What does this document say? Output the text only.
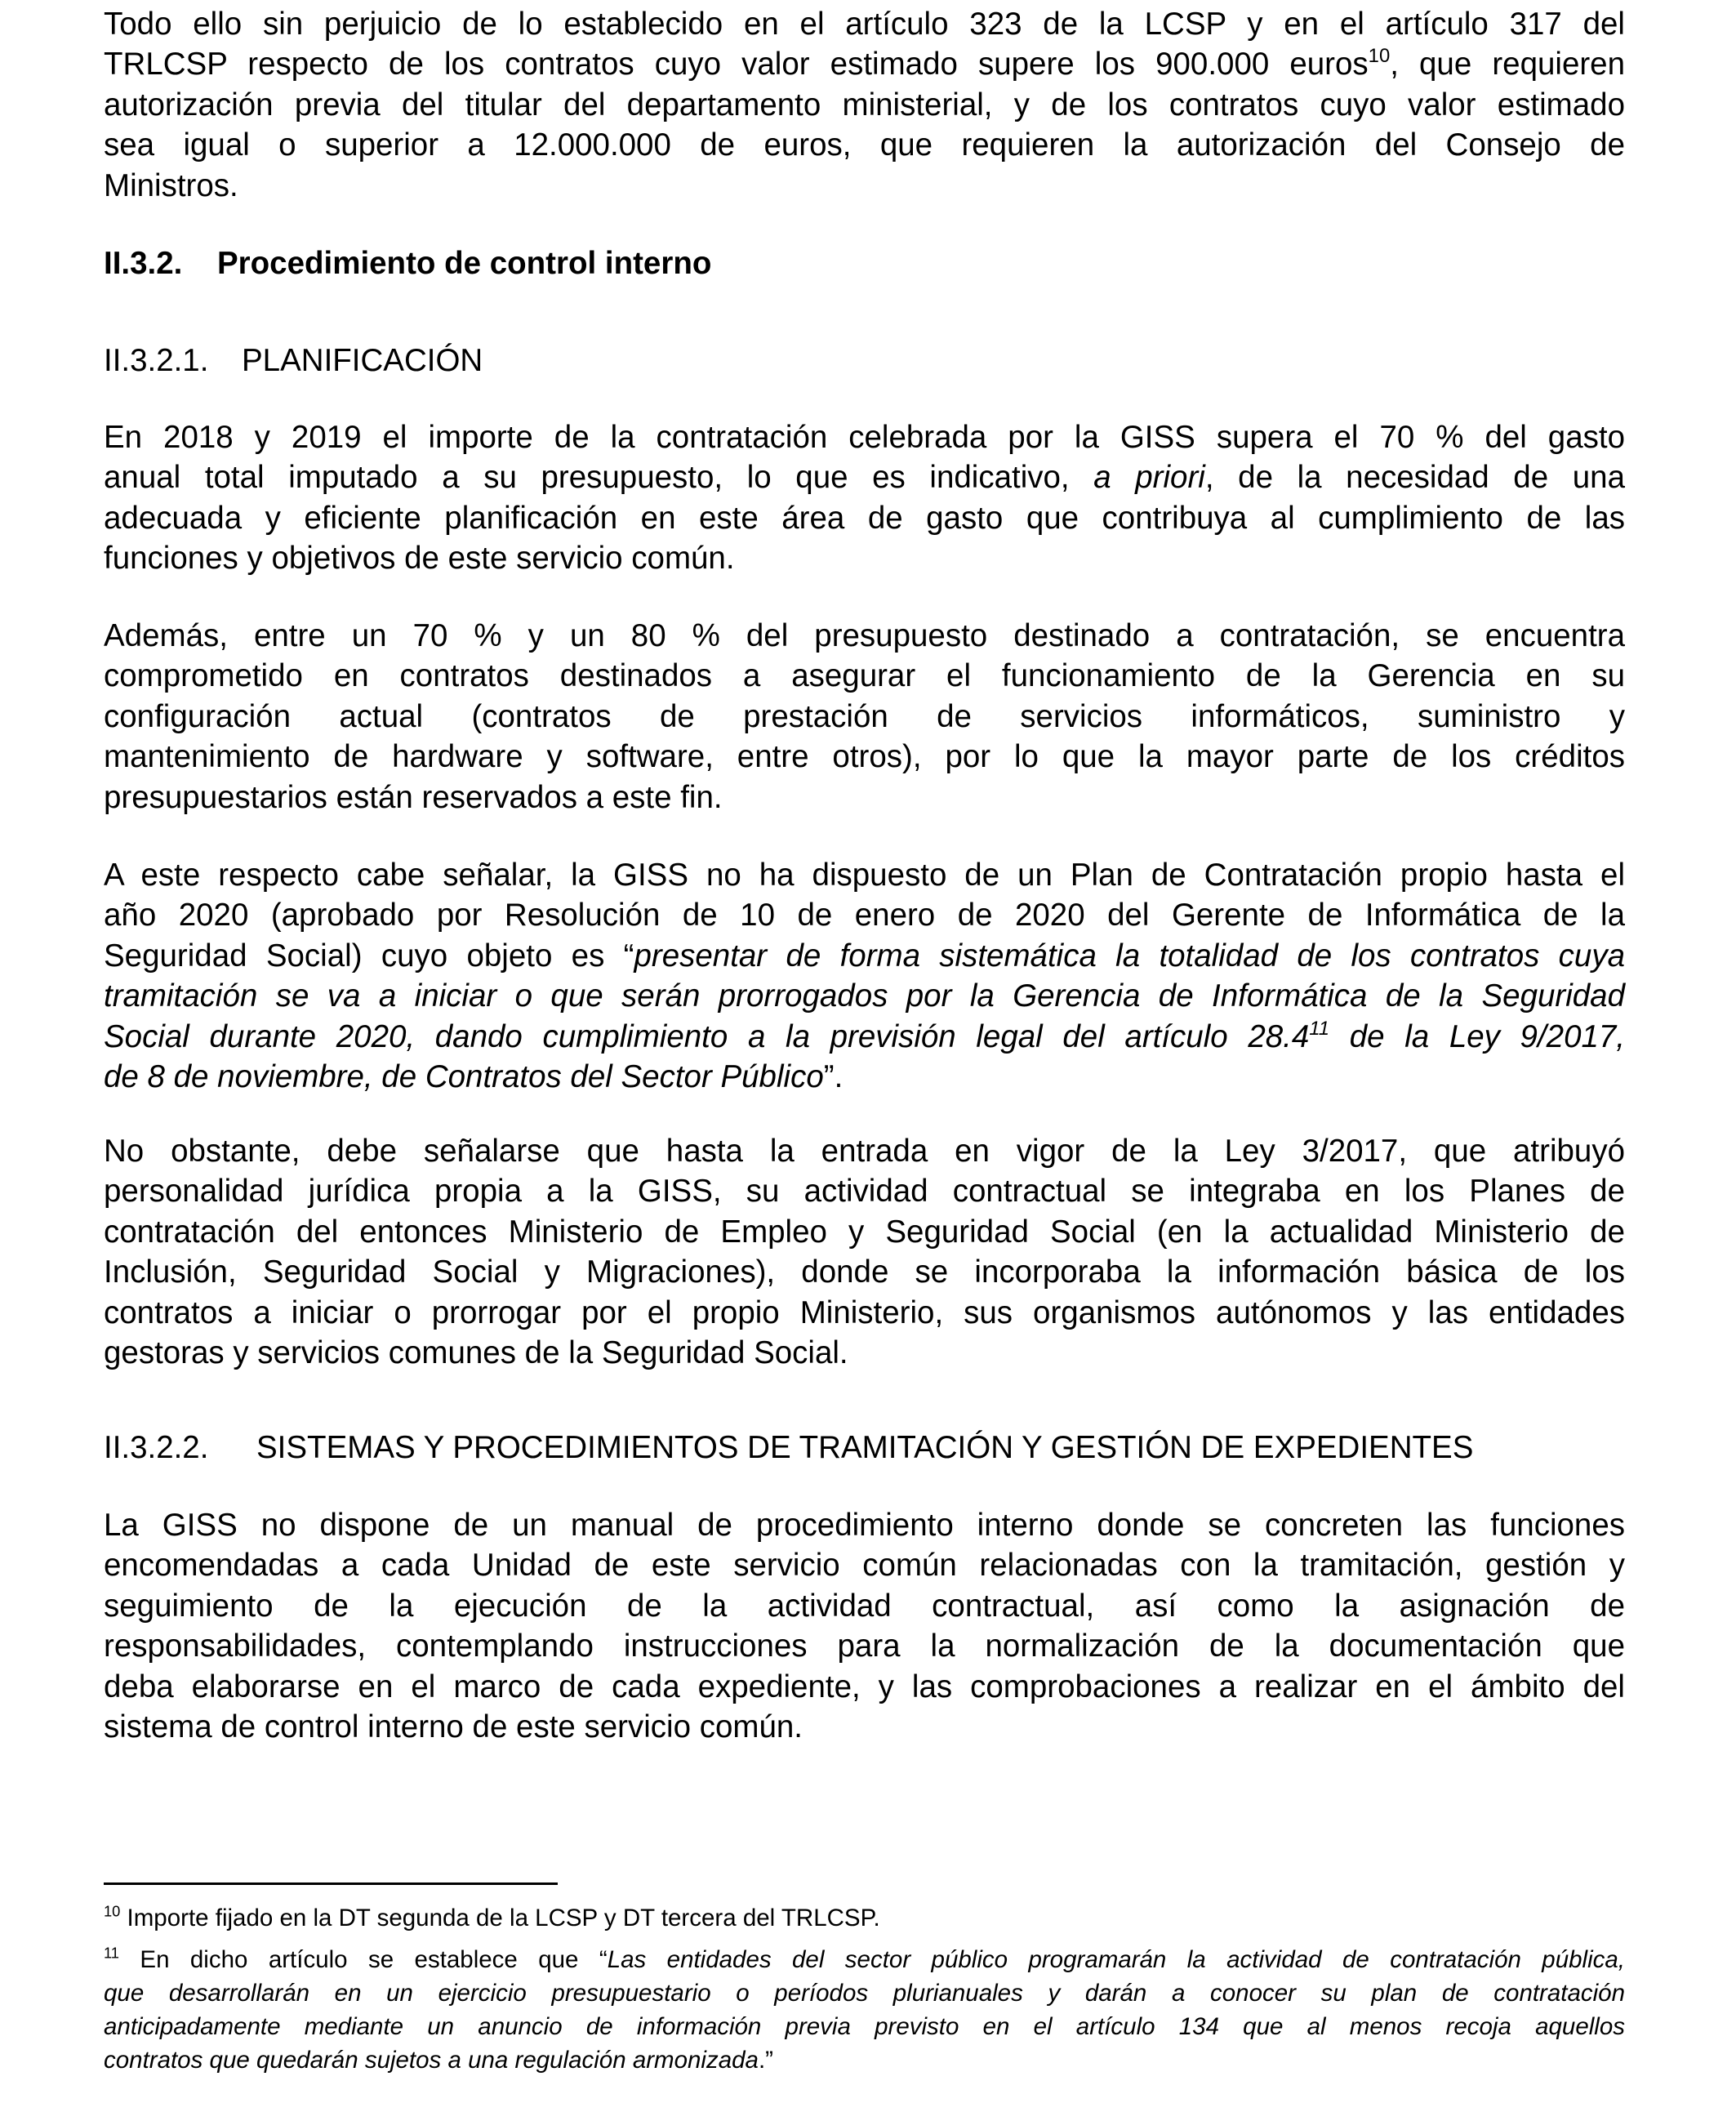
Todo ello sin perjuicio de lo establecido en el artículo 323 de la LCSP y en el artículo 317 del
TRLCSP respecto de los contratos cuyo valor estimado supere los 900.000 euros$^{10}$, que requieren
autorización previa del titular del departamento ministerial, y de los contratos cuyo valor estimado
sea igual o superior a 12.000.000 de euros, que requieren la autorización del Consejo de
Ministros.
II.3.2. Procedimiento de control interno
II.3.2.1. PLANIFICACIÓN
En 2018 y 2019 el importe de la contratación celebrada por la GISS supera el 70 % del gasto
anual total imputado a su presupuesto, lo que es indicativo, a priori, de la necesidad de una
adecuada y eficiente planificación en este área de gasto que contribuya al cumplimiento de las
funciones y objetivos de este servicio común.
Además, entre un 70 % y un 80 % del presupuesto destinado a contratación, se encuentra
comprometido en contratos destinados a asegurar el funcionamiento de la Gerencia en su
configuración actual (contratos de prestación de servicios informáticos, suministro y
mantenimiento de hardware y software, entre otros), por lo que la mayor parte de los créditos
presupuestarios están reservados a este fin.
A este respecto cabe señalar, la GISS no ha dispuesto de un Plan de Contratación propio hasta el
año 2020 (aprobado por Resolución de 10 de enero de 2020 del Gerente de Informática de la
Seguridad Social) cuyo objeto es “presentar de forma sistemática la totalidad de los contratos cuya
tramitación se va a iniciar o que serán prorrogados por la Gerencia de Informática de la Seguridad
Social durante 2020, dando cumplimiento a la previsión legal del artículo 28.4$^{11}$ de la Ley 9/2017,
de 8 de noviembre, de Contratos del Sector Público”.
No obstante, debe señalarse que hasta la entrada en vigor de la Ley 3/2017, que atribuyó
personalidad jurídica propia a la GISS, su actividad contractual se integraba en los Planes de
contratación del entonces Ministerio de Empleo y Seguridad Social (en la actualidad Ministerio de
Inclusión, Seguridad Social y Migraciones), donde se incorporaba la información básica de los
contratos a iniciar o prorrogar por el propio Ministerio, sus organismos autónomos y las entidades
gestoras y servicios comunes de la Seguridad Social.
II.3.2.2. SISTEMAS Y PROCEDIMIENTOS DE TRAMITACIÓN Y GESTIÓN DE EXPEDIENTES
La GISS no dispone de un manual de procedimiento interno donde se concreten las funciones
encomendadas a cada Unidad de este servicio común relacionadas con la tramitación, gestión y
seguimiento de la ejecución de la actividad contractual, así como la asignación de
responsabilidades, contemplando instrucciones para la normalización de la documentación que
deba elaborarse en el marco de cada expediente, y las comprobaciones a realizar en el ámbito del
sistema de control interno de este servicio común.
$^{10}$ Importe fijado en la DT segunda de la LCSP y DT tercera del TRLCSP.
$^{11}$ En dicho artículo se establece que “Las entidades del sector público programarán la actividad de contratación pública,
que desarrollarán en un ejercicio presupuestario o períodos plurianuales y darán a conocer su plan de contratación
anticipadamente mediante un anuncio de información previa previsto en el artículo 134 que al menos recoja aquellos
contratos que quedarán sujetos a una regulación armonizada.”
